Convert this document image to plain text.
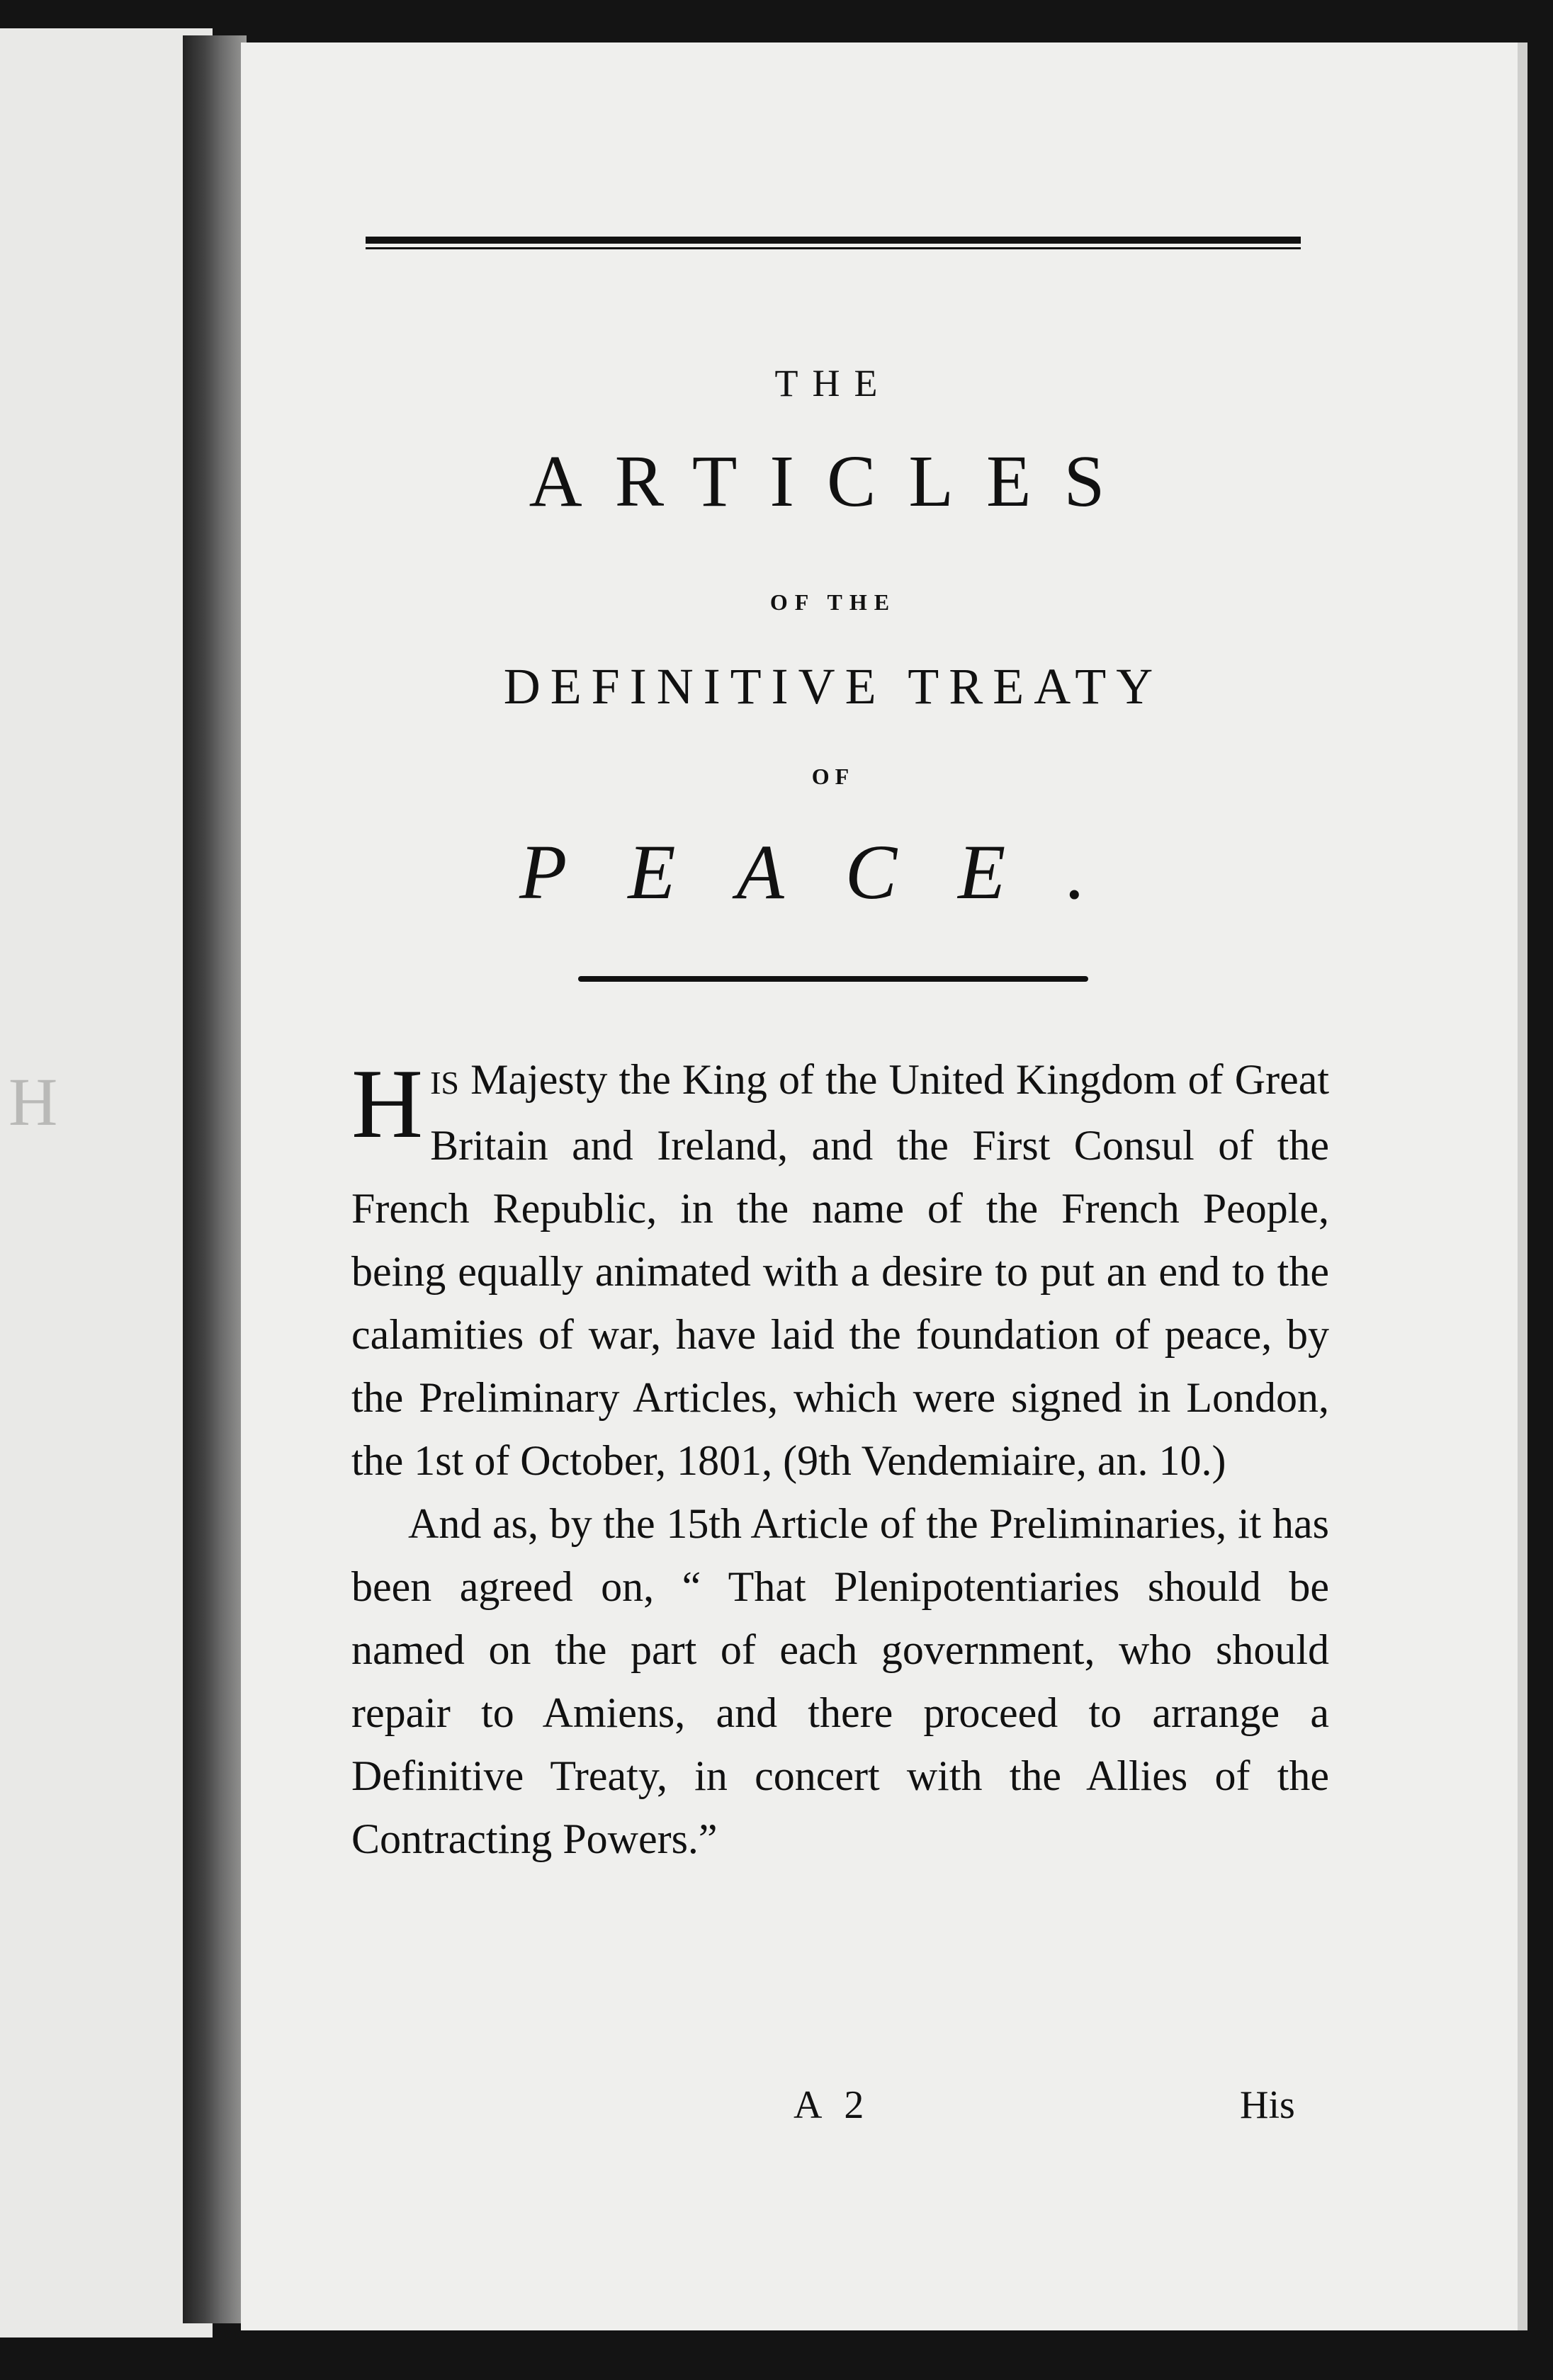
H
THE
ARTICLES
OF THE
DEFINITIVE TREATY
OF
PEACE.

HIS Majesty the King of the United Kingdom of Great Britain and Ireland, and the First Consul of the French Republic, in the name of the French People, being equally animated with a desire to put an end to the calamities of war, have laid the foundation of peace, by the Preliminary Articles, which were signed in London, the 1st of October, 1801, (9th Vendemiaire, an. 10.)

And as, by the 15th Article of the Preliminaries, it has been agreed on, “ That Plenipotentiaries should be named on the part of each government, who should repair to Amiens, and there proceed to arrange a Definitive Treaty, in concert with the Allies of the Contracting Powers.”

A 2	His
